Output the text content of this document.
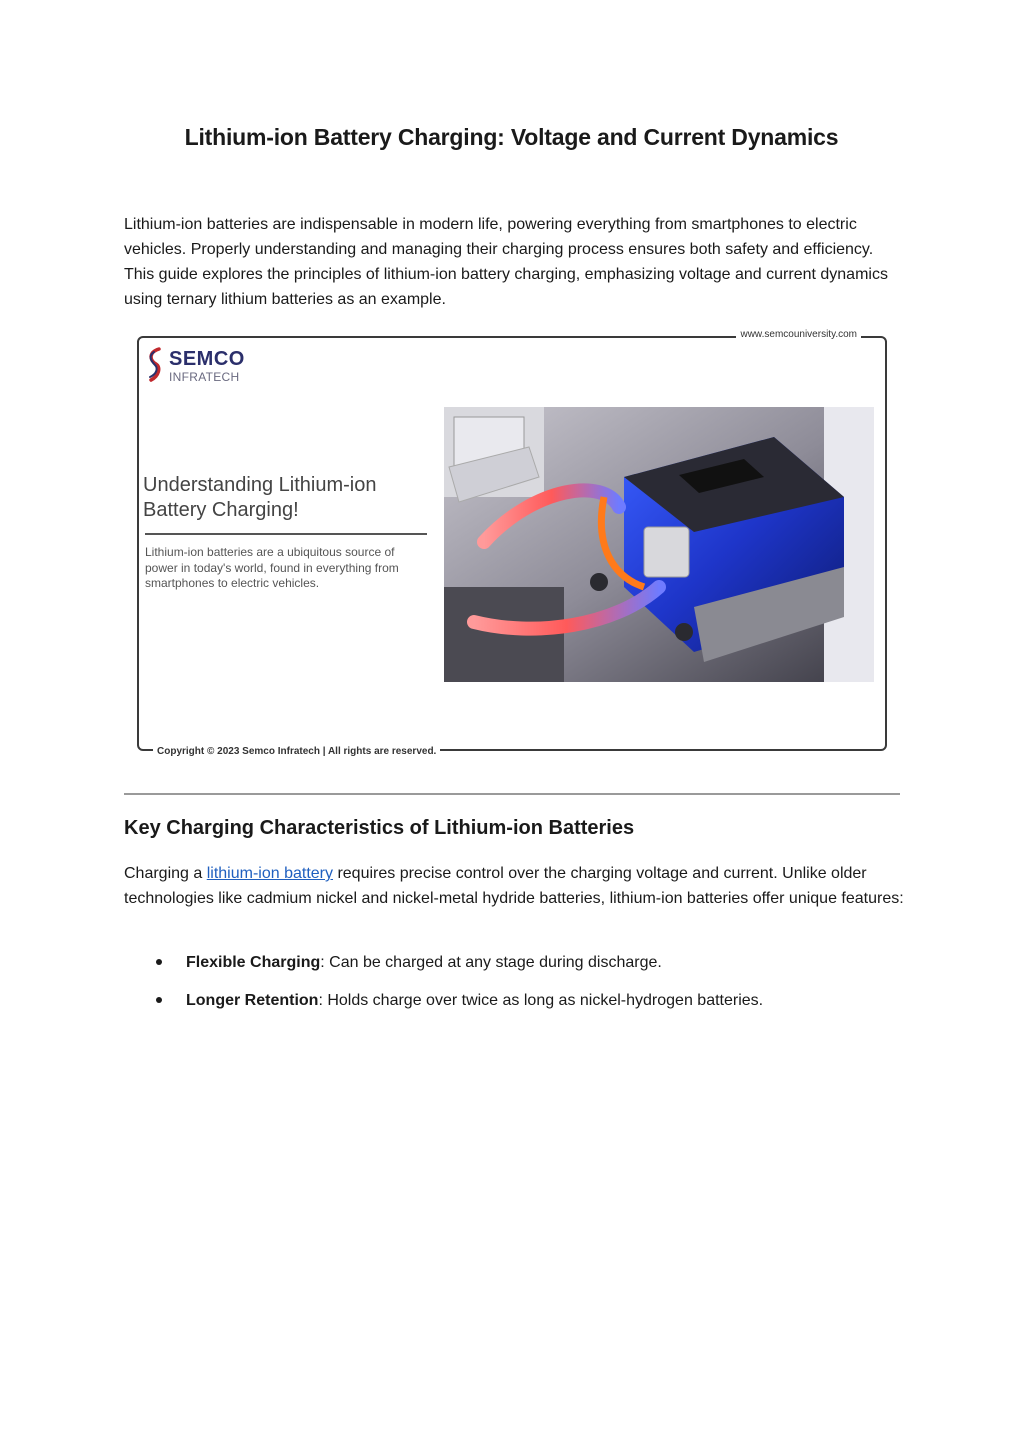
Lithium-ion Battery Charging: Voltage and Current Dynamics

Lithium-ion batteries are indispensable in modern life, powering everything from smartphones to electric vehicles. Properly understanding and managing their charging process ensures both safety and efficiency. This guide explores the principles of lithium-ion battery charging, emphasizing voltage and current dynamics using ternary lithium batteries as an example.

www.semcouniversity.com
SEMCO
INFRATECH
Understanding Lithium-ion
Battery Charging!

Lithium-ion batteries are a ubiquitous source of power in today's world, found in everything from smartphones to electric vehicles.

Copyright © 2023 Semco Infratech | All rights are reserved.
Key Charging Characteristics of Lithium-ion Batteries

Charging a lithium-ion battery requires precise control over the charging voltage and current. Unlike older technologies like cadmium nickel and nickel-metal hydride batteries, lithium-ion batteries offer unique features:

Flexible Charging: Can be charged at any stage during discharge.
Longer Retention: Holds charge over twice as long as nickel-hydrogen batteries.
